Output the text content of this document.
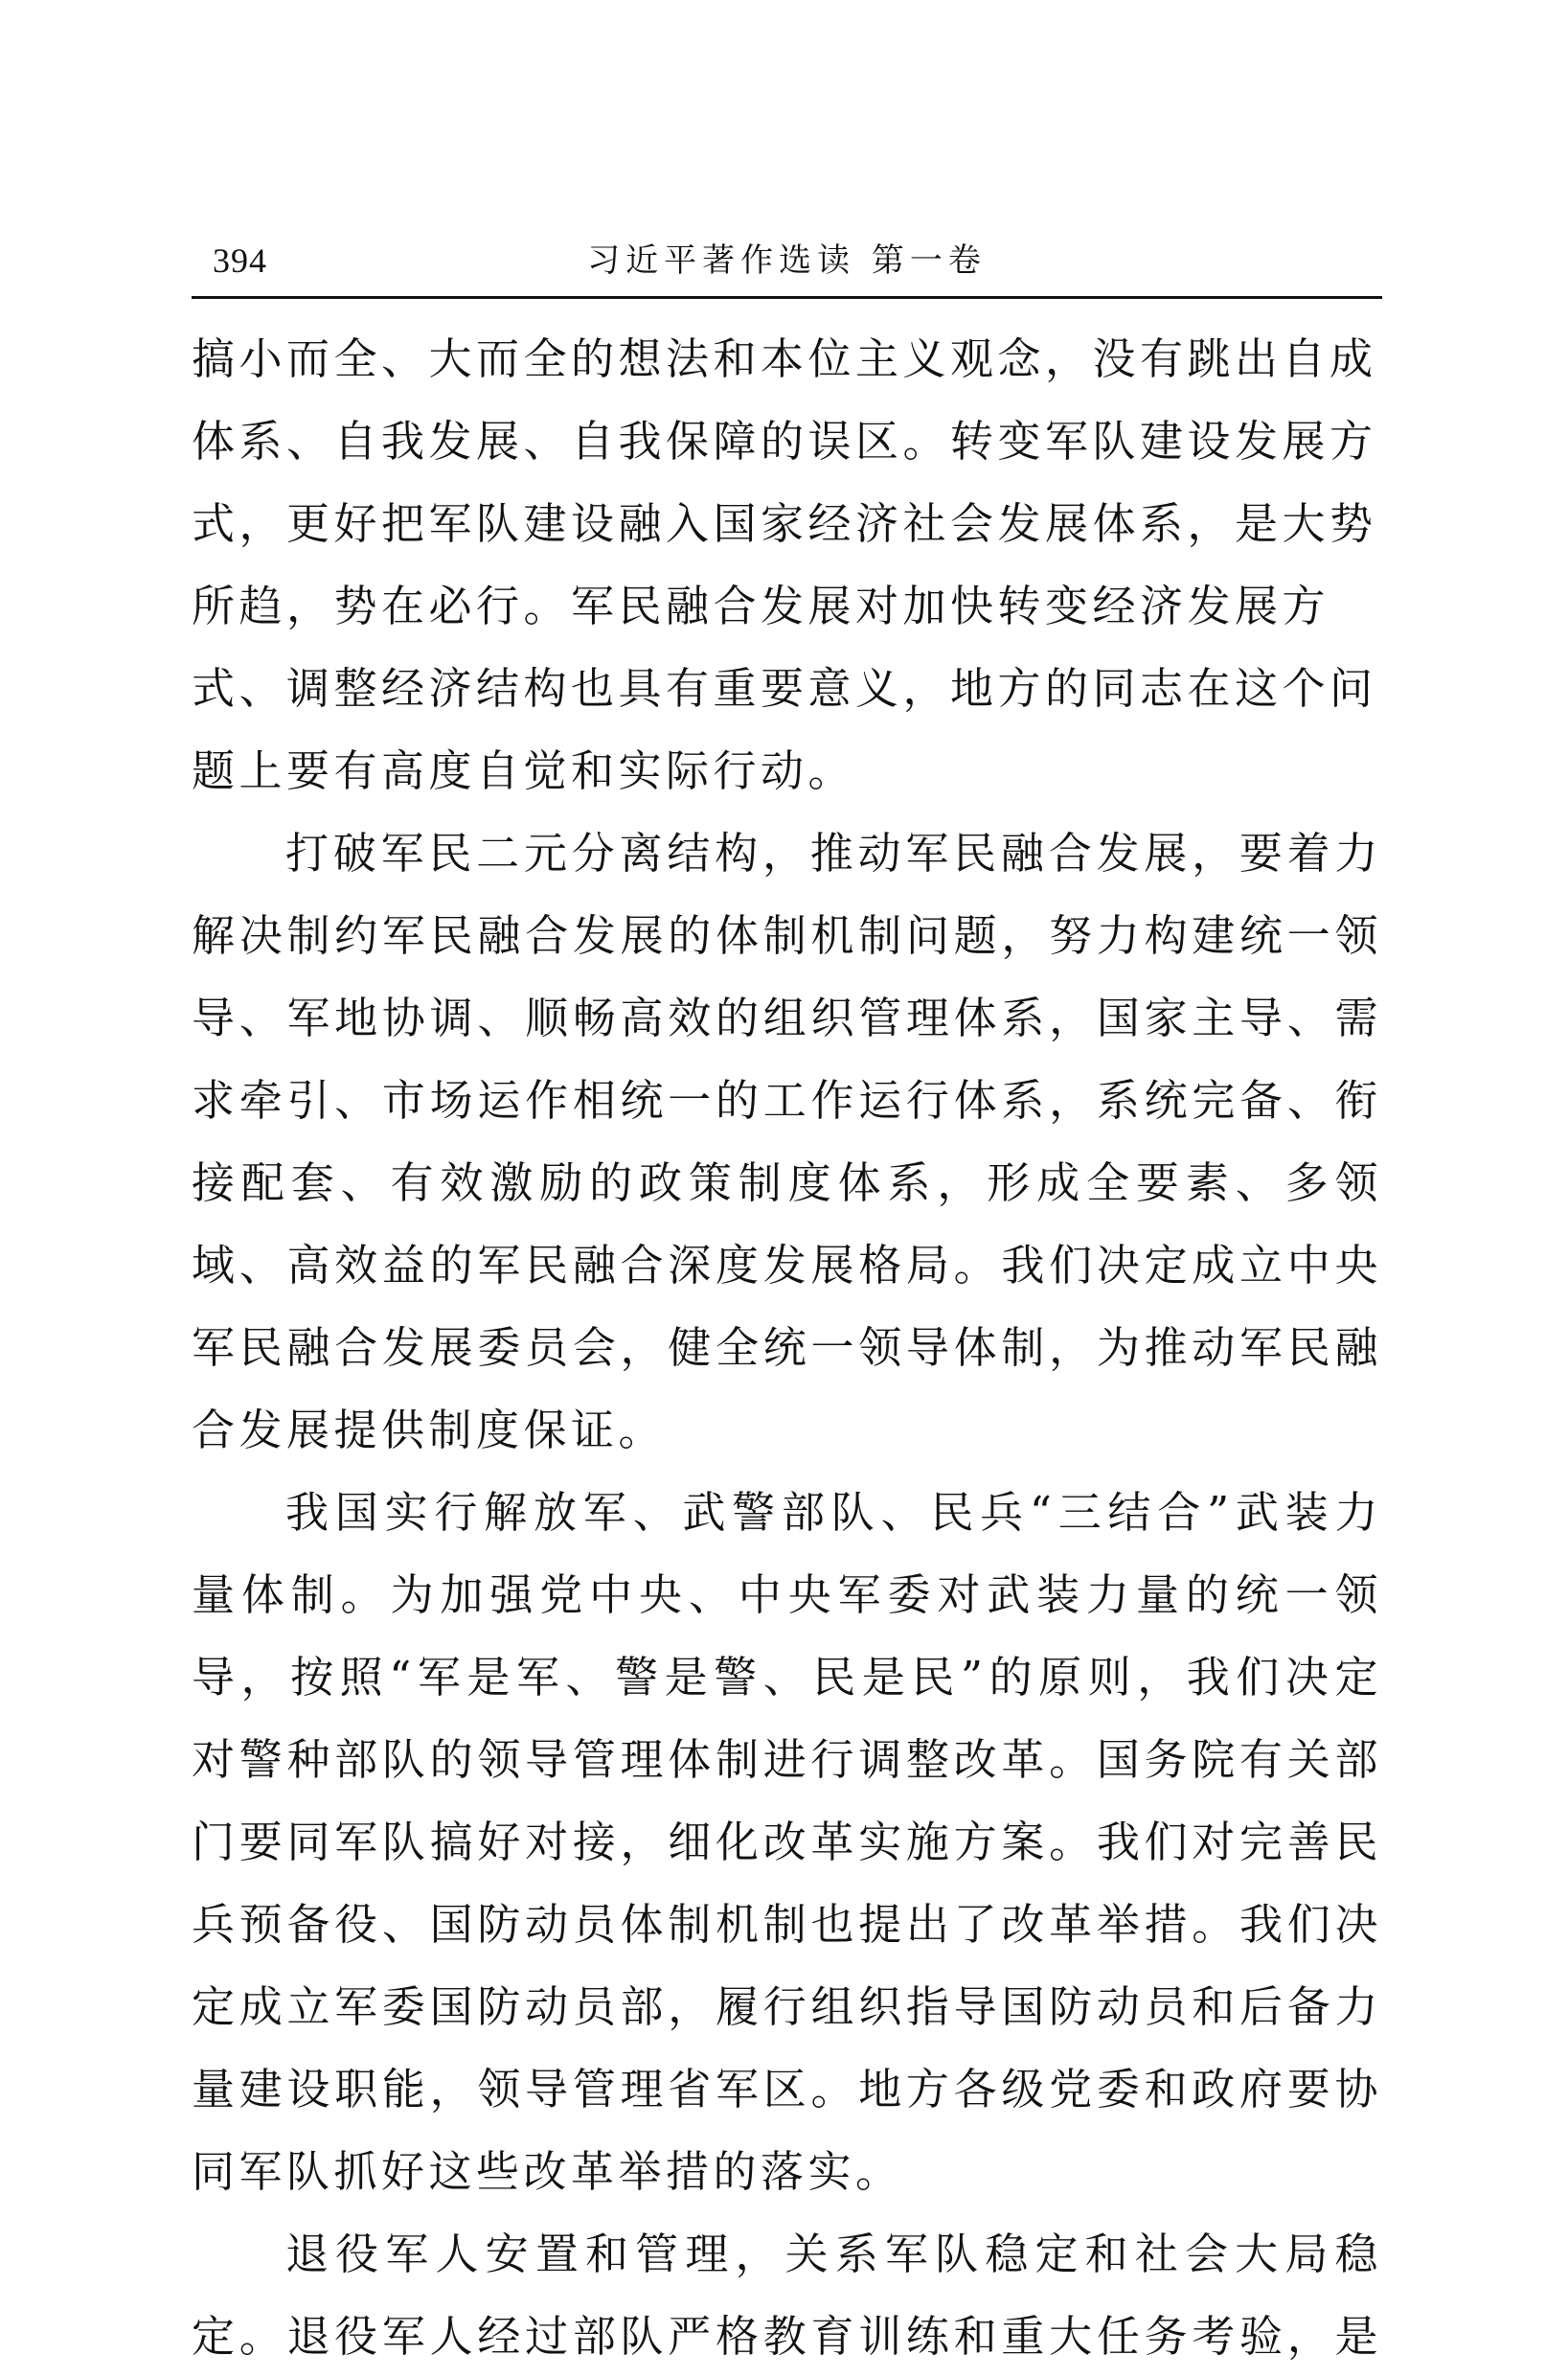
394	习近平著作选读 第一卷

搞小而全、大而全的想法和本位主义观念，没有跳出自成
体系、自我发展、自我保障的误区。转变军队建设发展方
式，更好把军队建设融入国家经济社会发展体系，是大势
所趋，势在必行。军民融合发展对加快转变经济发展方
式、调整经济结构也具有重要意义，地方的同志在这个问
题上要有高度自觉和实际行动。

打破军民二元分离结构，推动军民融合发展，要着力
解决制约军民融合发展的体制机制问题，努力构建统一领
导、军地协调、顺畅高效的组织管理体系，国家主导、需
求牵引、市场运作相统一的工作运行体系，系统完备、衔
接配套、有效激励的政策制度体系，形成全要素、多领
域、高效益的军民融合深度发展格局。我们决定成立中央
军民融合发展委员会，健全统一领导体制，为推动军民融
合发展提供制度保证。

我国实行解放军、武警部队、民兵“三结合”武装力
量体制。为加强党中央、中央军委对武装力量的统一领
导，按照“军是军、警是警、民是民”的原则，我们决定
对警种部队的领导管理体制进行调整改革。国务院有关部
门要同军队搞好对接，细化改革实施方案。我们对完善民
兵预备役、国防动员体制机制也提出了改革举措。我们决
定成立军委国防动员部，履行组织指导国防动员和后备力
量建设职能，领导管理省军区。地方各级党委和政府要协
同军队抓好这些改革举措的落实。

退役军人安置和管理，关系军队稳定和社会大局稳
定。退役军人经过部队严格教育训练和重大任务考验，是
